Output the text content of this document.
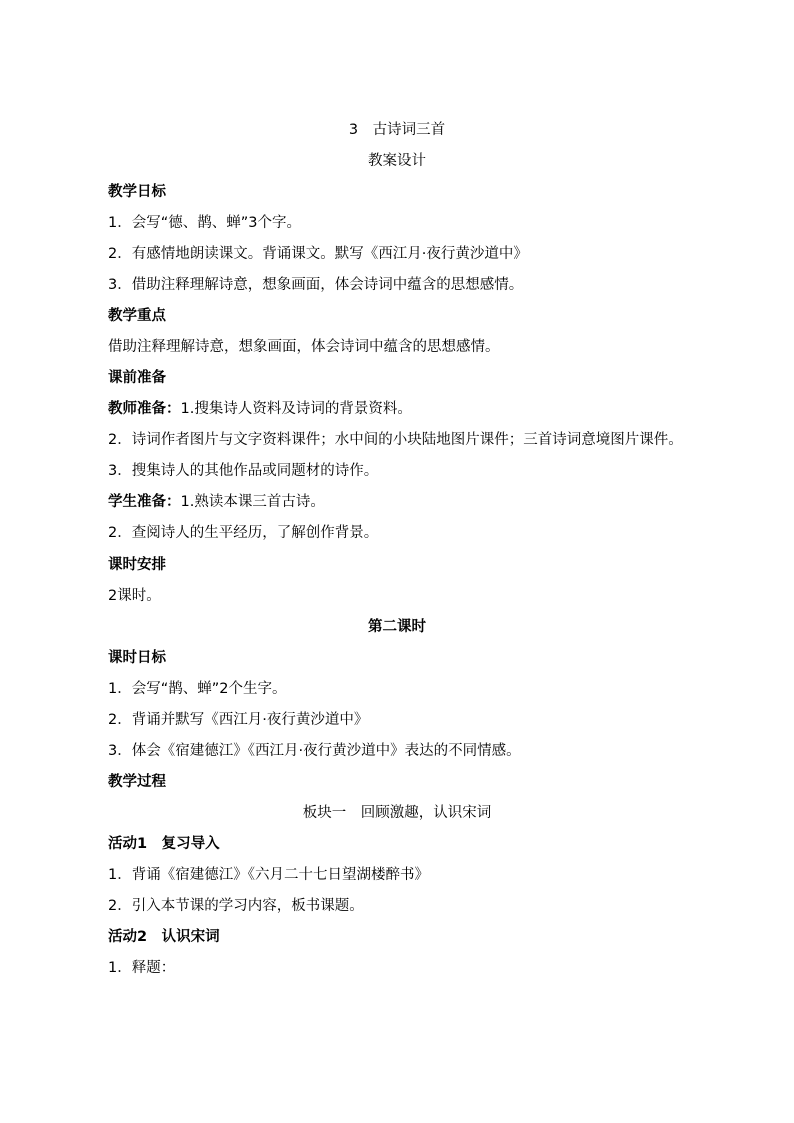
3　古诗词三首
教案设计
教学日标
1．会写“德、鹊、蝉”3个字。
2．有感情地朗读课文。背诵课文。默写《西江月·夜行黄沙道中》
3．借助注释理解诗意，想象画面，体会诗词中蕴含的思想感情。
教学重点
借助注释理解诗意，想象画面，体会诗词中蕴含的思想感情。
课前准备
教师准备：1.搜集诗人资料及诗词的背景资料。
2．诗词作者图片与文字资料课件；水中间的小块陆地图片课件；三首诗词意境图片课件。
3．搜集诗人的其他作品或同题材的诗作。
学生准备：1.熟读本课三首古诗。
2．查阅诗人的生平经历，了解创作背景。
课时安排
2课时。
第二课时
课时日标
1．会写“鹊、蝉”2个生字。
2．背诵并默写《西江月·夜行黄沙道中》
3．体会《宿建德江》《西江月·夜行黄沙道中》表达的不同情感。
教学过程
板块一　回顾激趣，认识宋词
活动1　复习导入
1．背诵《宿建德江》《六月二十七日望湖楼醉书》
2．引入本节课的学习内容，板书课题。
活动2　认识宋词
1．释题：
